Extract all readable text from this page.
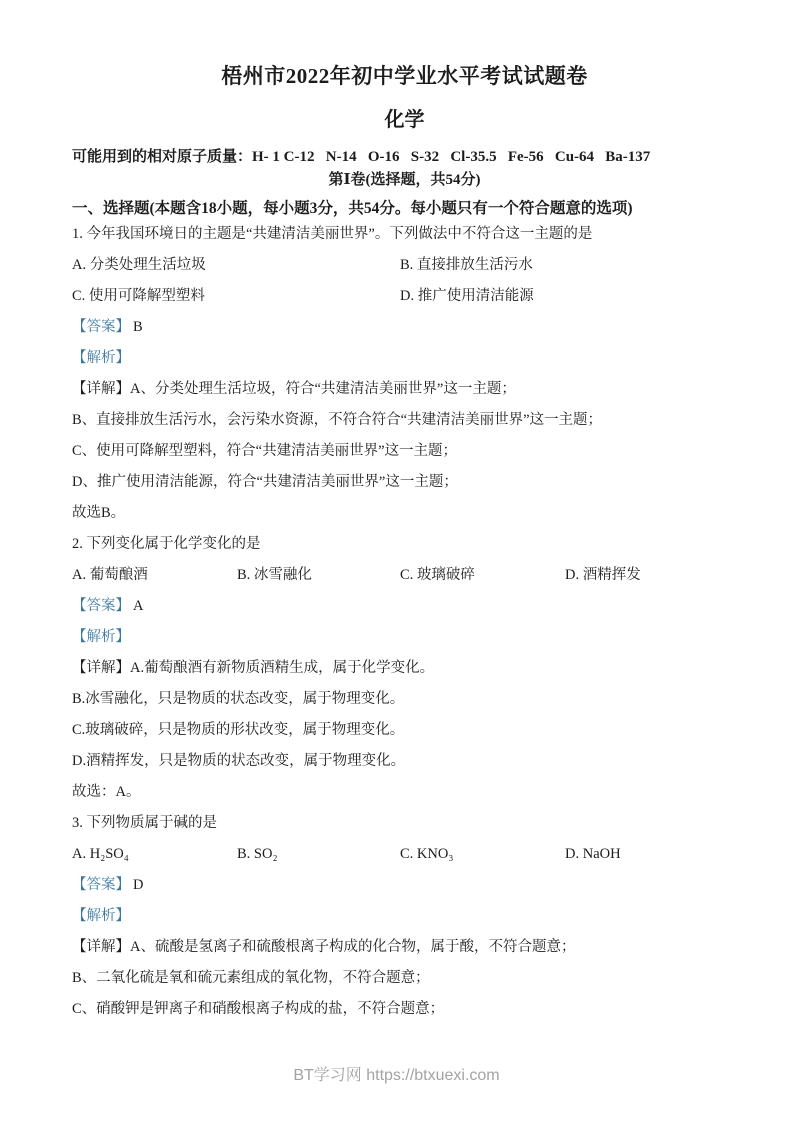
梧州市2022年初中学业水平考试试题卷
化学

可能用到的相对原子质量：H- 1 C-12   N-14   O-16   S-32   Cl-35.5   Fe-56   Cu-64   Ba-137

第Ⅰ卷(选择题，共54分)

一、选择题(本题含18小题，每小题3分，共54分。每小题只有一个符合题意的选项)

1. 今年我国环境日的主题是“共建清洁美丽世界”。下列做法中不符合这一主题的是

A. 分类处理生活垃圾	B. 直接排放生活污水
C. 使用可降解型塑料	D. 推广使用清洁能源

【答案】 B

【解析】

【详解】A、分类处理生活垃圾，符合“共建清洁美丽世界”这一主题；

B、直接排放生活污水，会污染水资源，不符合符合“共建清洁美丽世界”这一主题；

C、使用可降解型塑料，符合“共建清洁美丽世界”这一主题；

D、推广使用清洁能源，符合“共建清洁美丽世界”这一主题；

故选B。

2. 下列变化属于化学变化的是

A. 葡萄酿酒	B. 冰雪融化	C. 玻璃破碎	D. 酒精挥发

【答案】 A

【解析】

【详解】A.葡萄酿酒有新物质酒精生成，属于化学变化。

B.冰雪融化，只是物质的状态改变，属于物理变化。

C.玻璃破碎，只是物质的形状改变，属于物理变化。

D.酒精挥发，只是物质的状态改变，属于物理变化。

故选：A。

3. 下列物质属于碱的是

A. H₂SO₄	B. SO₂	C. KNO₃	D. NaOH

【答案】 D

【解析】

【详解】A、硫酸是氢离子和硫酸根离子构成的化合物，属于酸，不符合题意；

B、二氧化硫是氧和硫元素组成的氧化物，不符合题意；

C、硝酸钾是钾离子和硝酸根离子构成的盐，不符合题意；

BT学习网 https://btxuexi.com
